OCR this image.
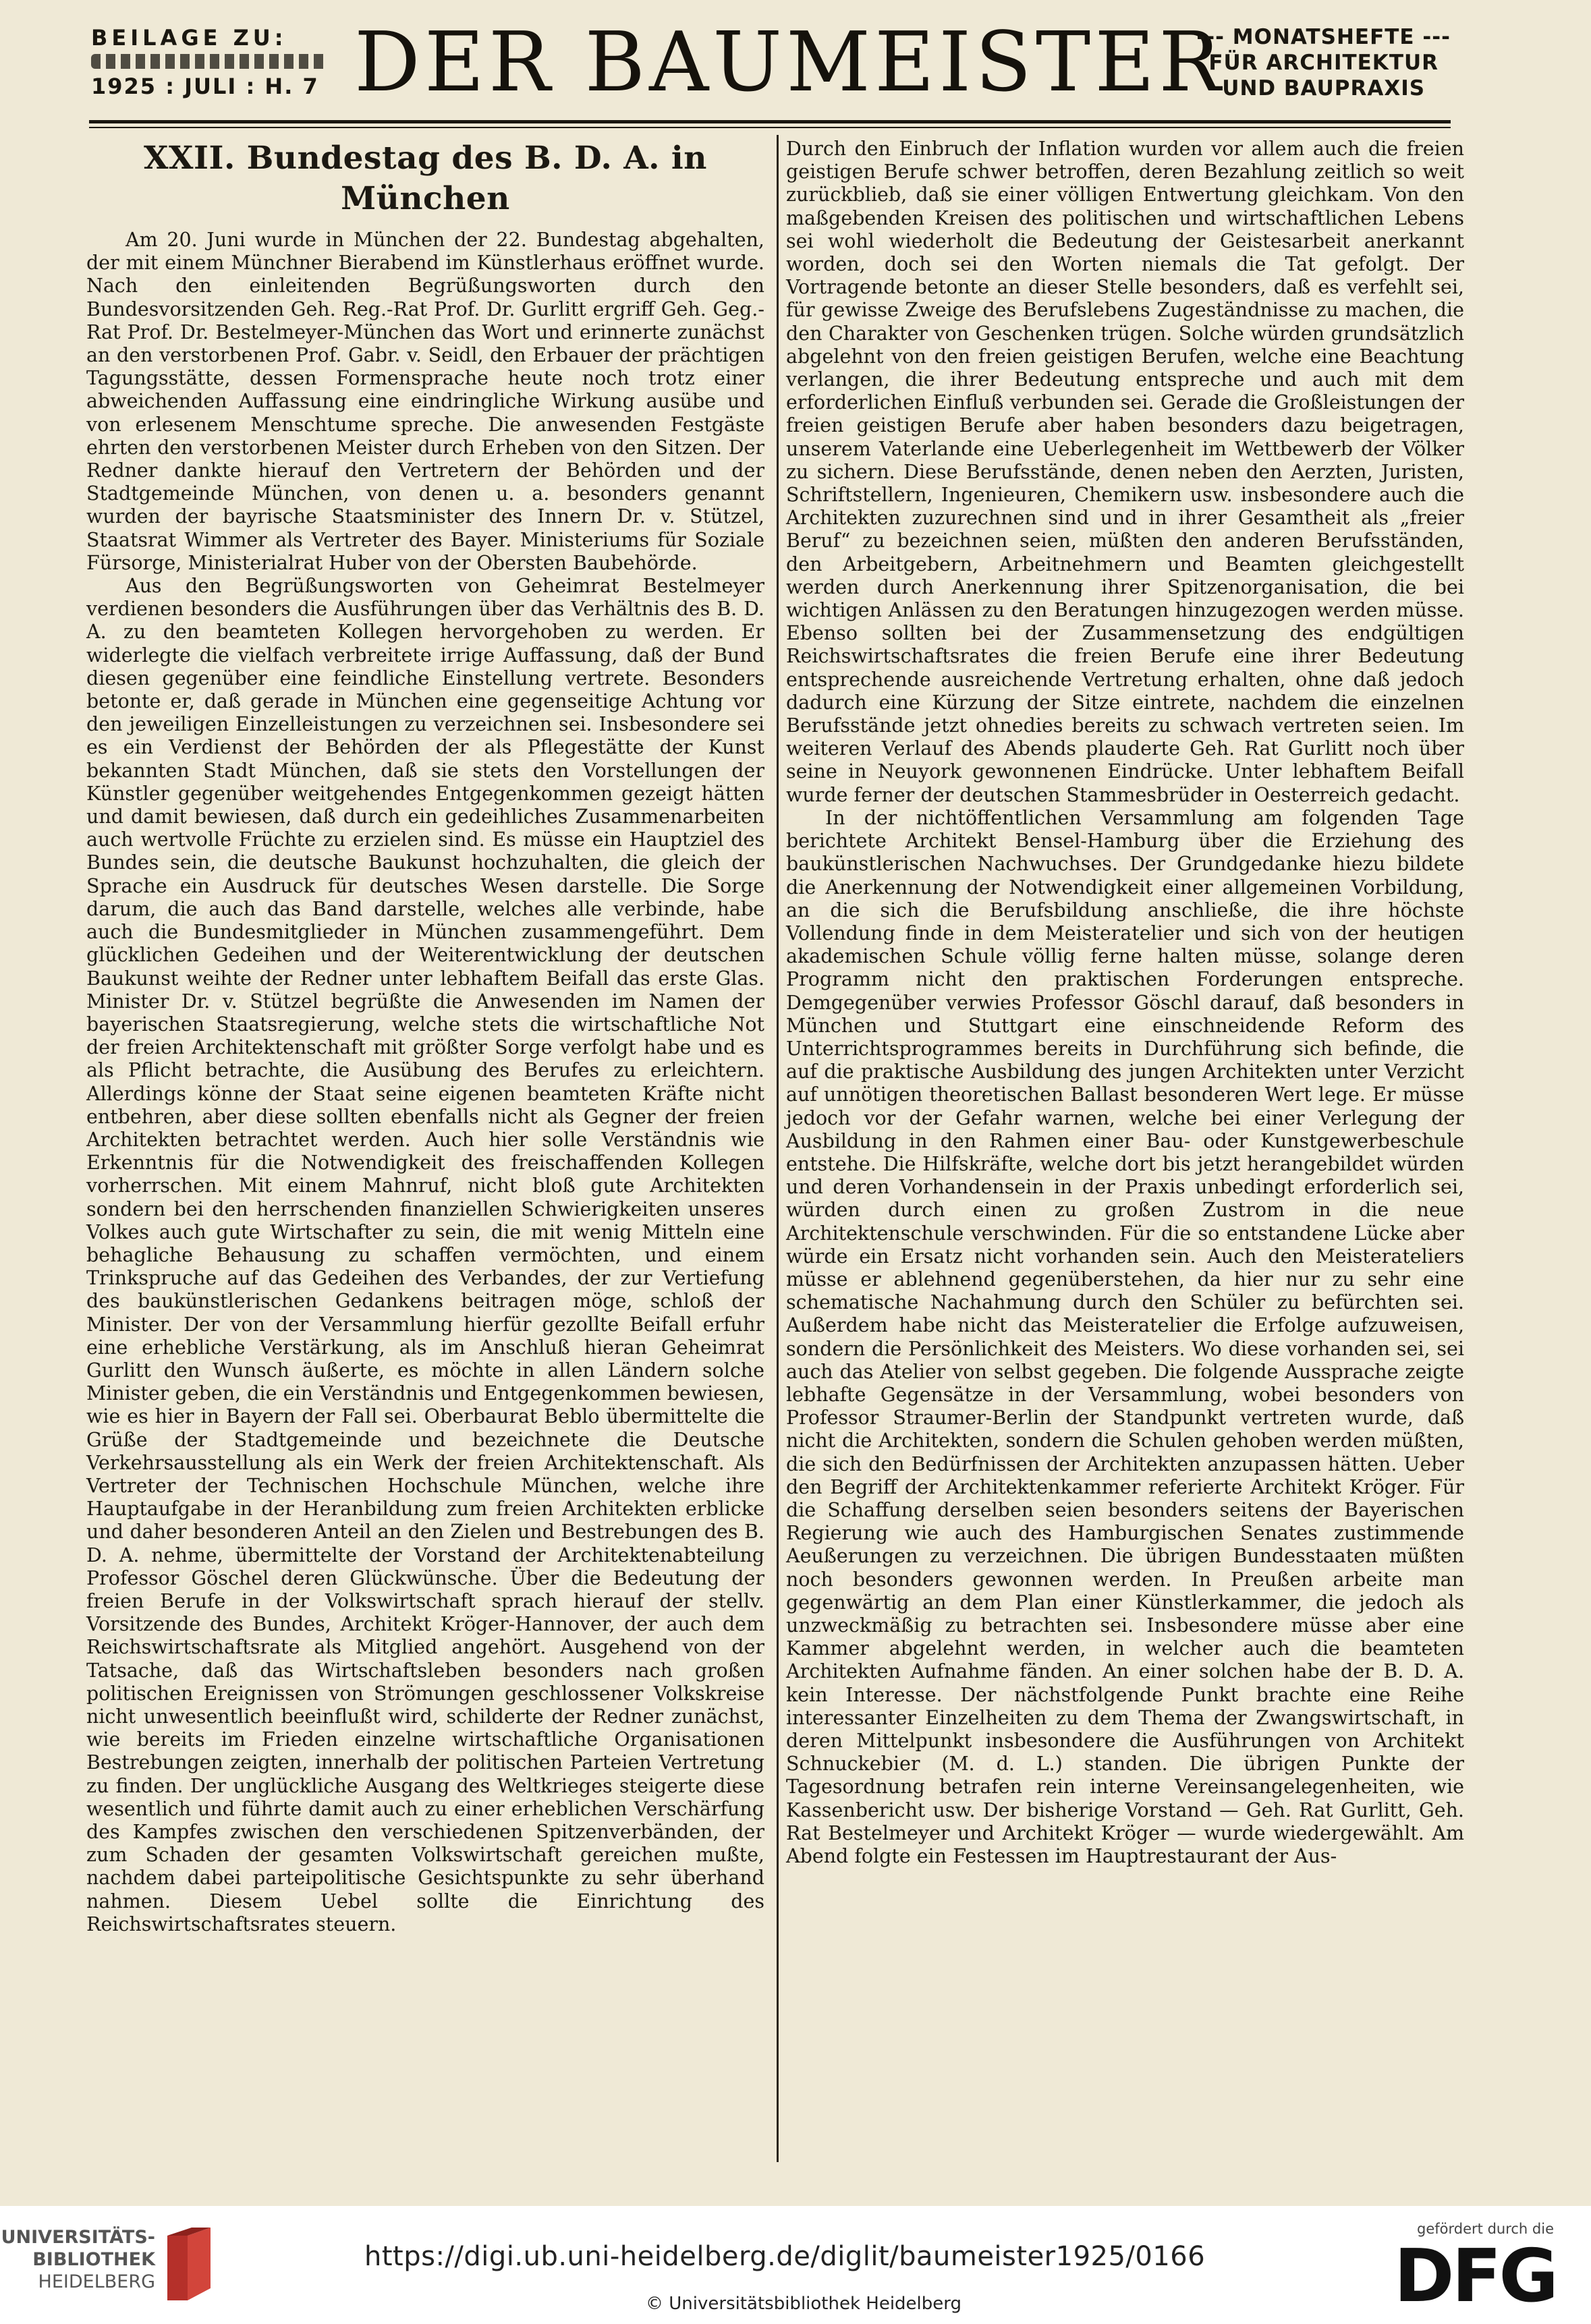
BEILAGE ZU:
1925 : JULI : H. 7 DER BAUMEISTER
--- MONATSHEFTE ---
FÜR ARCHITEKTUR
UND BAUPRAXIS
XXII. Bundestag des B. D. A. in München

Am 20. Juni wurde in München der 22. Bundestag abgehalten, der mit einem Münchner Bierabend im Künstlerhaus eröffnet wurde. Nach den einleitenden Begrüßungsworten durch den Bundesvorsitzenden Geh. Reg.-Rat Prof. Dr. Gurlitt ergriff Geh. Geg.-Rat Prof. Dr. Bestelmeyer-München das Wort und erinnerte zunächst an den verstorbenen Prof. Gabr. v. Seidl, den Erbauer der prächtigen Tagungsstätte, dessen Formensprache heute noch trotz einer abweichenden Auffassung eine eindringliche Wirkung ausübe und von erlesenem Menschtume spreche. Die anwesenden Festgäste ehrten den verstorbenen Meister durch Erheben von den Sitzen. Der Redner dankte hierauf den Vertretern der Behörden und der Stadtgemeinde München, von denen u. a. besonders genannt wurden der bayrische Staatsminister des Innern Dr. v. Stützel, Staatsrat Wimmer als Vertreter des Bayer. Ministeriums für Soziale Fürsorge, Ministerialrat Huber von der Obersten Baubehörde.

Aus den Begrüßungsworten von Geheimrat Bestelmeyer verdienen besonders die Ausführungen über das Verhältnis des B. D. A. zu den beamteten Kollegen hervorgehoben zu werden. Er widerlegte die vielfach verbreitete irrige Auffassung, daß der Bund diesen gegenüber eine feindliche Einstellung vertrete. Besonders betonte er, daß gerade in München eine gegenseitige Achtung vor den jeweiligen Einzelleistungen zu verzeichnen sei. Insbesondere sei es ein Verdienst der Behörden der als Pflegestätte der Kunst bekannten Stadt München, daß sie stets den Vorstellungen der Künstler gegenüber weitgehendes Entgegenkommen gezeigt hätten und damit bewiesen, daß durch ein gedeihliches Zusammenarbeiten auch wertvolle Früchte zu erzielen sind. Es müsse ein Hauptziel des Bundes sein, die deutsche Baukunst hochzuhalten, die gleich der Sprache ein Ausdruck für deutsches Wesen darstelle. Die Sorge darum, die auch das Band darstelle, welches alle verbinde, habe auch die Bundesmitglieder in München zusammengeführt. Dem glücklichen Gedeihen und der Weiterentwicklung der deutschen Baukunst weihte der Redner unter lebhaftem Beifall das erste Glas. Minister Dr. v. Stützel begrüßte die Anwesenden im Namen der bayerischen Staatsregierung, welche stets die wirtschaftliche Not der freien Architektenschaft mit größter Sorge verfolgt habe und es als Pflicht betrachte, die Ausübung des Berufes zu erleichtern. Allerdings könne der Staat seine eigenen beamteten Kräfte nicht entbehren, aber diese sollten ebenfalls nicht als Gegner der freien Architekten betrachtet werden. Auch hier solle Verständnis wie Erkenntnis für die Notwendigkeit des freischaffenden Kollegen vorherrschen. Mit einem Mahnruf, nicht bloß gute Architekten sondern bei den herrschenden finanziellen Schwierigkeiten unseres Volkes auch gute Wirtschafter zu sein, die mit wenig Mitteln eine behagliche Behausung zu schaffen vermöchten, und einem Trinkspruche auf das Gedeihen des Verbandes, der zur Vertiefung des baukünstlerischen Gedankens beitragen möge, schloß der Minister. Der von der Versammlung hierfür gezollte Beifall erfuhr eine erhebliche Verstärkung, als im Anschluß hieran Geheimrat Gurlitt den Wunsch äußerte, es möchte in allen Ländern solche Minister geben, die ein Verständnis und Entgegenkommen bewiesen, wie es hier in Bayern der Fall sei. Oberbaurat Beblo übermittelte die Grüße der Stadtgemeinde und bezeichnete die Deutsche Verkehrsausstellung als ein Werk der freien Architektenschaft. Als Vertreter der Technischen Hochschule München, welche ihre Hauptaufgabe in der Heranbildung zum freien Architekten erblicke und daher besonderen Anteil an den Zielen und Bestrebungen des B. D. A. nehme, übermittelte der Vorstand der Architektenabteilung Professor Göschel deren Glückwünsche. Über die Bedeutung der freien Berufe in der Volkswirtschaft sprach hierauf der stellv. Vorsitzende des Bundes, Architekt Kröger-Hannover, der auch dem Reichswirtschaftsrate als Mitglied angehört. Ausgehend von der Tatsache, daß das Wirtschaftsleben besonders nach großen politischen Ereignissen von Strömungen geschlossener Volkskreise nicht unwesentlich beeinflußt wird, schilderte der Redner zunächst, wie bereits im Frieden einzelne wirtschaftliche Organisationen Bestrebungen zeigten, innerhalb der politischen Parteien Vertretung zu finden. Der unglückliche Ausgang des Weltkrieges steigerte diese wesentlich und führte damit auch zu einer erheblichen Verschärfung des Kampfes zwischen den verschiedenen Spitzenverbänden, der zum Schaden der gesamten Volkswirtschaft gereichen mußte, nachdem dabei parteipolitische Gesichtspunkte zu sehr überhand nahmen. Diesem Uebel sollte die Einrichtung des Reichswirtschaftsrates steuern.

Durch den Einbruch der Inflation wurden vor allem auch die freien geistigen Berufe schwer betroffen, deren Bezahlung zeitlich so weit zurückblieb, daß sie einer völligen Entwertung gleichkam. Von den maßgebenden Kreisen des politischen und wirtschaftlichen Lebens sei wohl wiederholt die Bedeutung der Geistesarbeit anerkannt worden, doch sei den Worten niemals die Tat gefolgt. Der Vortragende betonte an dieser Stelle besonders, daß es verfehlt sei, für gewisse Zweige des Berufslebens Zugeständnisse zu machen, die den Charakter von Geschenken trügen. Solche würden grundsätzlich abgelehnt von den freien geistigen Berufen, welche eine Beachtung verlangen, die ihrer Bedeutung entspreche und auch mit dem erforderlichen Einfluß verbunden sei. Gerade die Großleistungen der freien geistigen Berufe aber haben besonders dazu beigetragen, unserem Vaterlande eine Ueberlegenheit im Wettbewerb der Völker zu sichern. Diese Berufsstände, denen neben den Aerzten, Juristen, Schriftstellern, Ingenieuren, Chemikern usw. insbesondere auch die Architekten zuzurechnen sind und in ihrer Gesamtheit als „freier Beruf“ zu bezeichnen seien, müßten den anderen Berufsständen, den Arbeitgebern, Arbeitnehmern und Beamten gleichgestellt werden durch Anerkennung ihrer Spitzenorganisation, die bei wichtigen Anlässen zu den Beratungen hinzugezogen werden müsse. Ebenso sollten bei der Zusammensetzung des endgültigen Reichswirtschaftsrates die freien Berufe eine ihrer Bedeutung entsprechende ausreichende Vertretung erhalten, ohne daß jedoch dadurch eine Kürzung der Sitze eintrete, nachdem die einzelnen Berufsstände jetzt ohnedies bereits zu schwach vertreten seien. Im weiteren Verlauf des Abends plauderte Geh. Rat Gurlitt noch über seine in Neuyork gewonnenen Eindrücke. Unter lebhaftem Beifall wurde ferner der deutschen Stammesbrüder in Oesterreich gedacht.

In der nichtöffentlichen Versammlung am folgenden Tage berichtete Architekt Bensel-Hamburg über die Erziehung des baukünstlerischen Nachwuchses. Der Grundgedanke hiezu bildete die Anerkennung der Notwendigkeit einer allgemeinen Vorbildung, an die sich die Berufsbildung anschließe, die ihre höchste Vollendung finde in dem Meisteratelier und sich von der heutigen akademischen Schule völlig ferne halten müsse, solange deren Programm nicht den praktischen Forderungen entspreche. Demgegenüber verwies Professor Göschl darauf, daß besonders in München und Stuttgart eine einschneidende Reform des Unterrichtsprogrammes bereits in Durchführung sich befinde, die auf die praktische Ausbildung des jungen Architekten unter Verzicht auf unnötigen theoretischen Ballast besonderen Wert lege. Er müsse jedoch vor der Gefahr warnen, welche bei einer Verlegung der Ausbildung in den Rahmen einer Bau- oder Kunstgewerbeschule entstehe. Die Hilfskräfte, welche dort bis jetzt herangebildet würden und deren Vorhandensein in der Praxis unbedingt erforderlich sei, würden durch einen zu großen Zustrom in die neue Architektenschule verschwinden. Für die so entstandene Lücke aber würde ein Ersatz nicht vorhanden sein. Auch den Meisterateliers müsse er ablehnend gegenüberstehen, da hier nur zu sehr eine schematische Nachahmung durch den Schüler zu befürchten sei. Außerdem habe nicht das Meisteratelier die Erfolge aufzuweisen, sondern die Persönlichkeit des Meisters. Wo diese vorhanden sei, sei auch das Atelier von selbst gegeben. Die folgende Aussprache zeigte lebhafte Gegensätze in der Versammlung, wobei besonders von Professor Straumer-Berlin der Standpunkt vertreten wurde, daß nicht die Architekten, sondern die Schulen gehoben werden müßten, die sich den Bedürfnissen der Architekten anzupassen hätten. Ueber den Begriff der Architektenkammer referierte Architekt Kröger. Für die Schaffung derselben seien besonders seitens der Bayerischen Regierung wie auch des Hamburgischen Senates zustimmende Aeußerungen zu verzeichnen. Die übrigen Bundesstaaten müßten noch besonders gewonnen werden. In Preußen arbeite man gegenwärtig an dem Plan einer Künstlerkammer, die jedoch als unzweckmäßig zu betrachten sei. Insbesondere müsse aber eine Kammer abgelehnt werden, in welcher auch die beamteten Architekten Aufnahme fänden. An einer solchen habe der B. D. A. kein Interesse. Der nächstfolgende Punkt brachte eine Reihe interessanter Einzelheiten zu dem Thema der Zwangswirtschaft, in deren Mittelpunkt insbesondere die Ausführungen von Architekt Schnuckebier (M. d. L.) standen. Die übrigen Punkte der Tagesordnung betrafen rein interne Vereinsangelegenheiten, wie Kassenbericht usw. Der bisherige Vorstand — Geh. Rat Gurlitt, Geh. Rat Bestelmeyer und Architekt Kröger — wurde wiedergewählt. Am Abend folgte ein Festessen im Hauptrestaurant der Aus-

UNIVERSITÄTS-
BIBLIOTHEK
HEIDELBERG
https://digi.ub.uni-heidelberg.de/diglit/baumeister1925/0166
© Universitätsbibliothek Heidelberg
gefördert durch die
DFG
